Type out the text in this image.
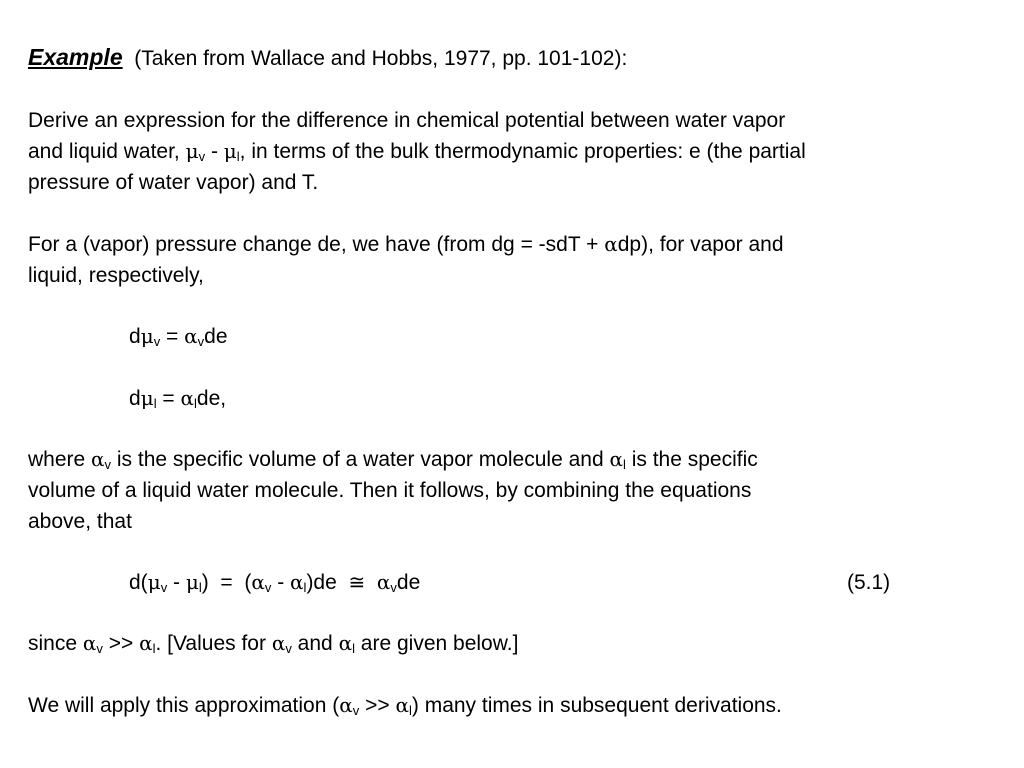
Example (Taken from Wallace and Hobbs, 1977, pp. 101-102):
Derive an expression for the difference in chemical potential between water vapor
and liquid water, $\mu_v - \mu_l$, in terms of the bulk thermodynamic properties: e (the partial
pressure of water vapor) and T.
For a (vapor) pressure change de, we have (from dg = -sdT + αdp), for vapor and
liquid, respectively,
$d\mu_v = \alpha_vde$
$d\mu_l = \alpha_lde$,
where $\alpha_v$ is the specific volume of a water vapor molecule and $\alpha_l$ is the specific
volume of a liquid water molecule. Then it follows, by combining the equations
above, that
$d(\mu_v - \mu_l) = (\alpha_v - \alpha_l)de$  ≅ $\alpha_vde$	(5.1)
since $\alpha_v >> \alpha_l$. [Values for $\alpha_v$ and $\alpha_l$ are given below.]
We will apply this approximation $(\alpha_v >> \alpha_l)$ many times in subsequent derivations.
